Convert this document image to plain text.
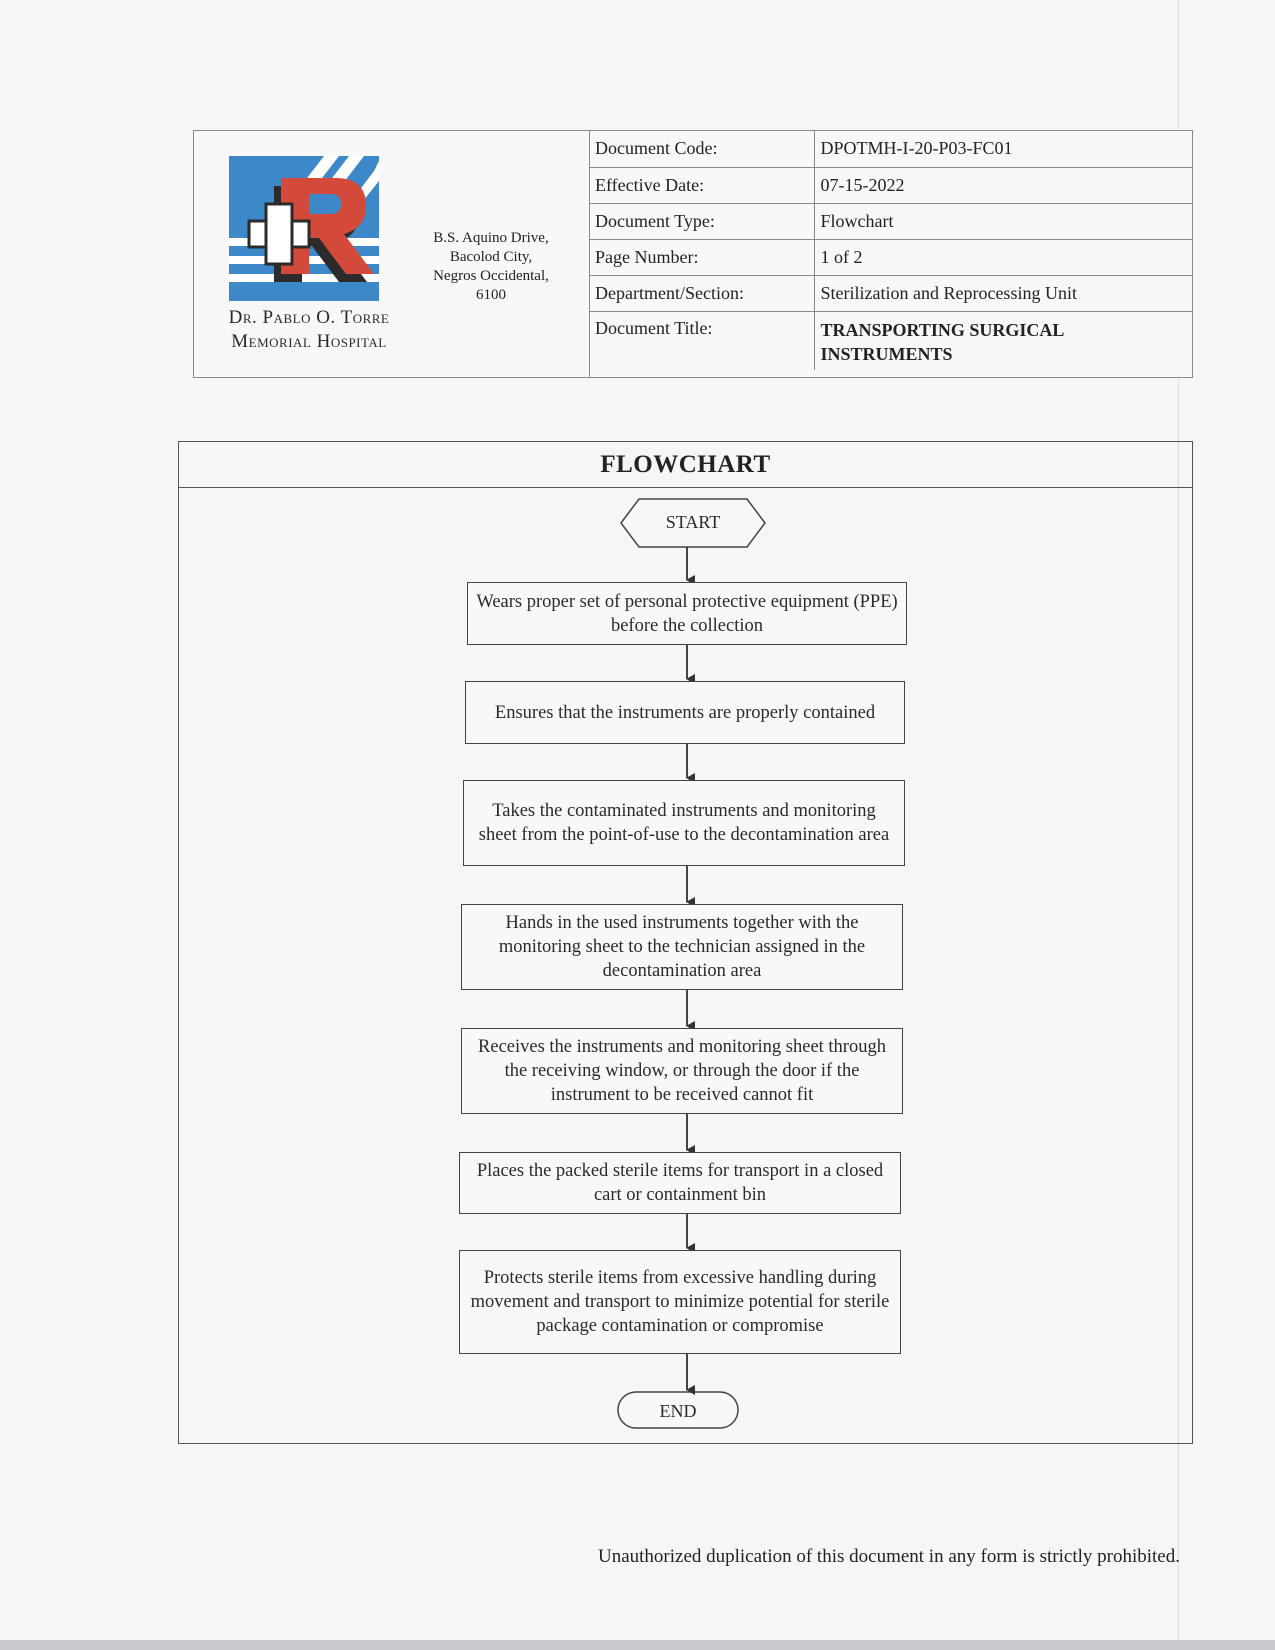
Dr. Pablo O. Torre
Memorial Hospital
B.S. Aquino Drive,
Bacolod City,
Negros Occidental,
6100
Document Code:	DPOTMH-I-20-P03-FC01
Effective Date:	07-15-2022
Document Type:	Flowchart
Page Number:	1 of 2
Department/Section:	Sterilization and Reprocessing Unit
Document Title:	TRANSPORTING SURGICAL
INSTRUMENTS
FLOWCHART
START
Wears proper set of personal protective equipment (PPE) before the collection
Ensures that the instruments are properly contained
Takes the contaminated instruments and monitoring sheet from the point-of-use to the decontamination area
Hands in the used instruments together with the monitoring sheet to the technician assigned in the decontamination area
Receives the instruments and monitoring sheet through the receiving window, or through the door if the instrument to be received cannot fit
Places the packed sterile items for transport in a closed cart or containment bin
Protects sterile items from excessive handling during movement and transport to minimize potential for sterile package contamination or compromise
END
Unauthorized duplication of this document in any form is strictly prohibited.
